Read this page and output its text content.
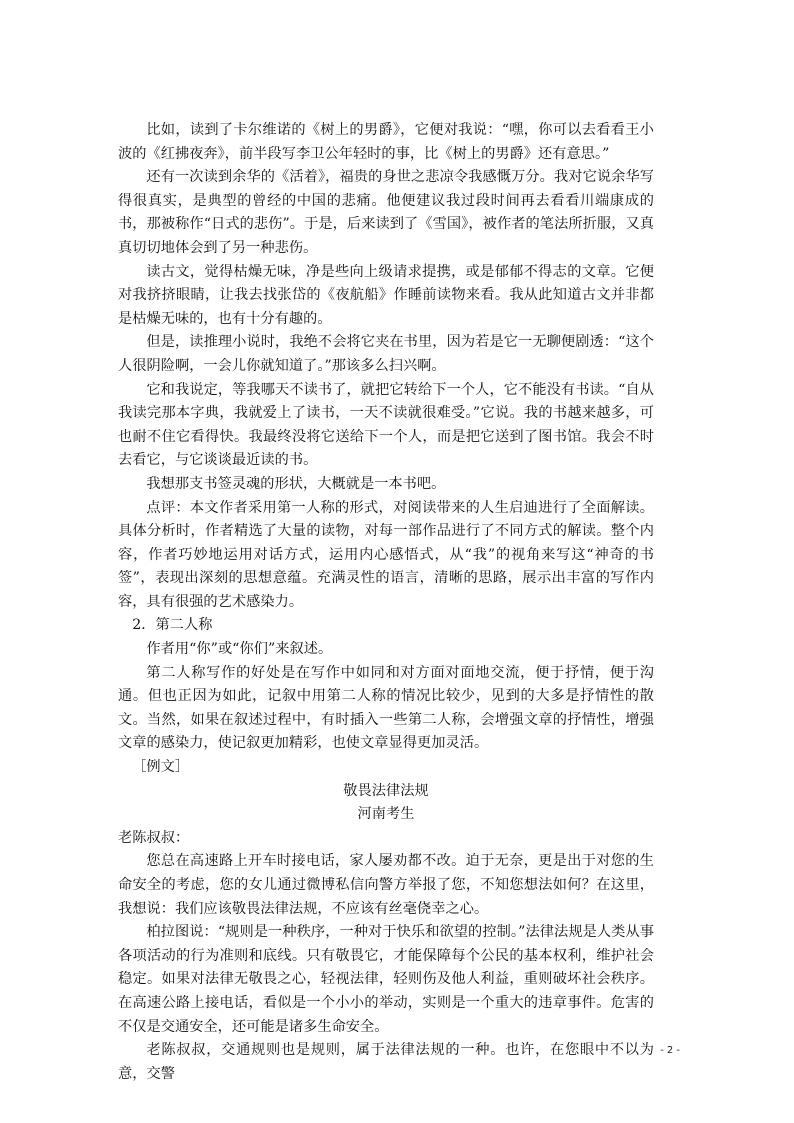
比如，读到了卡尔维诺的《树上的男爵》，它便对我说：“嘿，你可以去看看王小波的《红拂夜奔》，前半段写李卫公年轻时的事，比《树上的男爵》还有意思。”

还有一次读到余华的《活着》，福贵的身世之悲凉令我感慨万分。我对它说余华写得很真实，是典型的曾经的中国的悲痛。他便建议我过段时间再去看看川端康成的书，那被称作“日式的悲伤”。于是，后来读到了《雪国》，被作者的笔法所折服，又真真切切地体会到了另一种悲伤。

读古文，觉得枯燥无味，净是些向上级请求提携，或是郁郁不得志的文章。它便对我挤挤眼睛，让我去找张岱的《夜航船》作睡前读物来看。我从此知道古文并非都是枯燥无味的，也有十分有趣的。

但是，读推理小说时，我绝不会将它夹在书里，因为若是它一无聊便剧透：“这个人很阴险啊，一会儿你就知道了。”那该多么扫兴啊。

它和我说定，等我哪天不读书了，就把它转给下一个人，它不能没有书读。“自从我读完那本字典，我就爱上了读书，一天不读就很难受。”它说。我的书越来越多，可也耐不住它看得快。我最终没将它送给下一个人，而是把它送到了图书馆。我会不时去看它，与它谈谈最近读的书。

我想那支书签灵魂的形状，大概就是一本书吧。

点评：本文作者采用第一人称的形式，对阅读带来的人生启迪进行了全面解读。具体分析时，作者精选了大量的读物，对每一部作品进行了不同方式的解读。整个内容，作者巧妙地运用对话方式，运用内心感悟式，从“我”的视角来写这“神奇的书签”，表现出深刻的思想意蕴。充满灵性的语言，清晰的思路，展示出丰富的写作内容，具有很强的艺术感染力。

2．第二人称

作者用“你”或“你们”来叙述。

第二人称写作的好处是在写作中如同和对方面对面地交流，便于抒情，便于沟通。但也正因为如此，记叙中用第二人称的情况比较少，见到的大多是抒情性的散文。当然，如果在叙述过程中，有时插入一些第二人称，会增强文章的抒情性，增强文章的感染力，使记叙更加精彩，也使文章显得更加灵活。

［例文］

敬畏法律法规

河南考生

老陈叔叔：

您总在高速路上开车时接电话，家人屡劝都不改。迫于无奈，更是出于对您的生命安全的考虑，您的女儿通过微博私信向警方举报了您，不知您想法如何？在这里，我想说：我们应该敬畏法律法规，不应该有丝毫侥幸之心。

柏拉图说：“规则是一种秩序，一种对于快乐和欲望的控制。”法律法规是人类从事各项活动的行为准则和底线。只有敬畏它，才能保障每个公民的基本权利，维护社会稳定。如果对法律无敬畏之心，轻视法律，轻则伤及他人利益，重则破坏社会秩序。在高速公路上接电话，看似是一个小小的举动，实则是一个重大的违章事件。危害的不仅是交通安全，还可能是诸多生命安全。

老陈叔叔，交通规则也是规则，属于法律法规的一种。也许，在您眼中不以为意，交警

- 2 -
